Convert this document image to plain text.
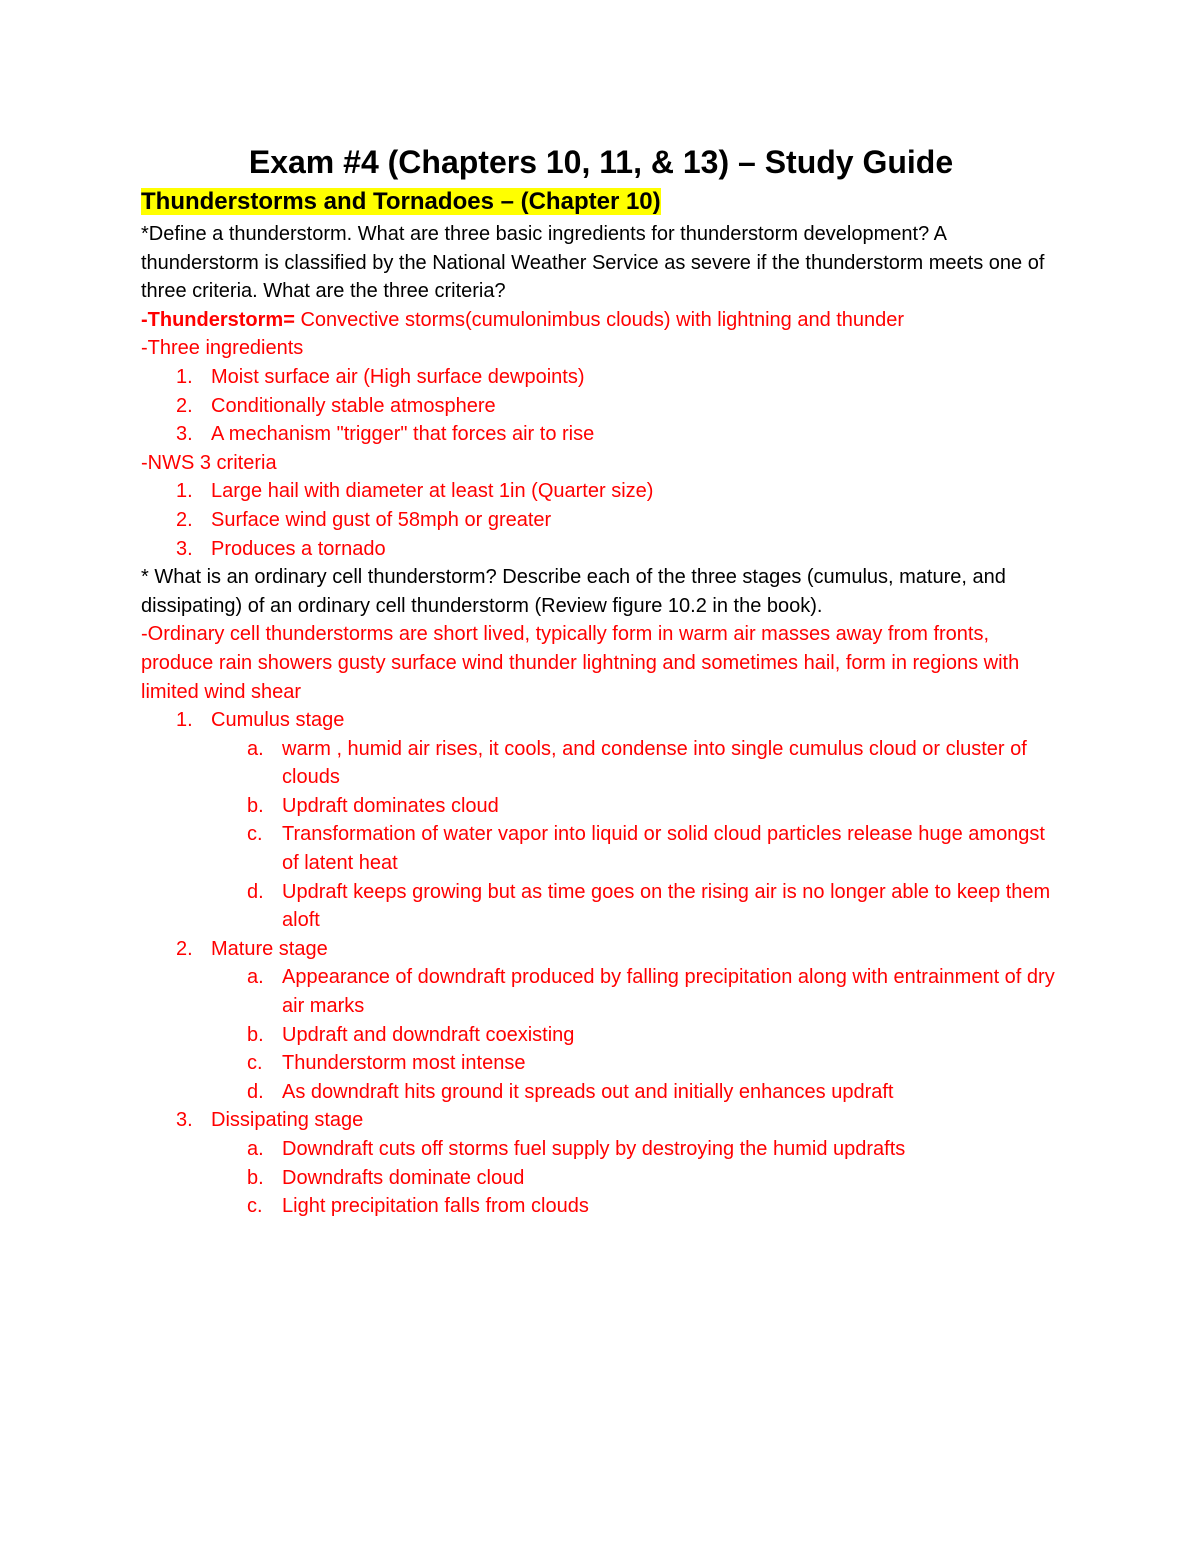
Exam #4 (Chapters 10, 11, & 13) – Study Guide
Thunderstorms and Tornadoes – (Chapter 10)

*Define a thunderstorm. What are three basic ingredients for thunderstorm development? A thunderstorm is classified by the National Weather Service as severe if the thunderstorm meets one of three criteria. What are the three criteria?

-Thunderstorm= Convective storms(cumulonimbus clouds) with lightning and thunder

-Three ingredients

1. Moist surface air (High surface dewpoints)
2. Conditionally stable atmosphere
3. A mechanism "trigger" that forces air to rise

-NWS 3 criteria

1. Large hail with diameter at least 1in (Quarter size)
2. Surface wind gust of 58mph or greater
3. Produces a tornado

* What is an ordinary cell thunderstorm? Describe each of the three stages (cumulus, mature, and dissipating) of an ordinary cell thunderstorm (Review figure 10.2 in the book).

-Ordinary cell thunderstorms are short lived, typically form in warm air masses away from fronts, produce rain showers gusty surface wind thunder lightning and sometimes hail, form in regions with limited wind shear

1. Cumulus stage
a. warm , humid air rises, it cools, and condense into single cumulus cloud or cluster of clouds
b. Updraft dominates cloud
c. Transformation of water vapor into liquid or solid cloud particles release huge amongst of latent heat
d. Updraft keeps growing but as time goes on the rising air is no longer able to keep them aloft
2. Mature stage
a. Appearance of downdraft produced by falling precipitation along with entrainment of dry air marks
b. Updraft and downdraft coexisting
c. Thunderstorm most intense
d. As downdraft hits ground it spreads out and initially enhances updraft
3. Dissipating stage
a. Downdraft cuts off storms fuel supply by destroying the humid updrafts
b. Downdrafts dominate cloud
c. Light precipitation falls from clouds
